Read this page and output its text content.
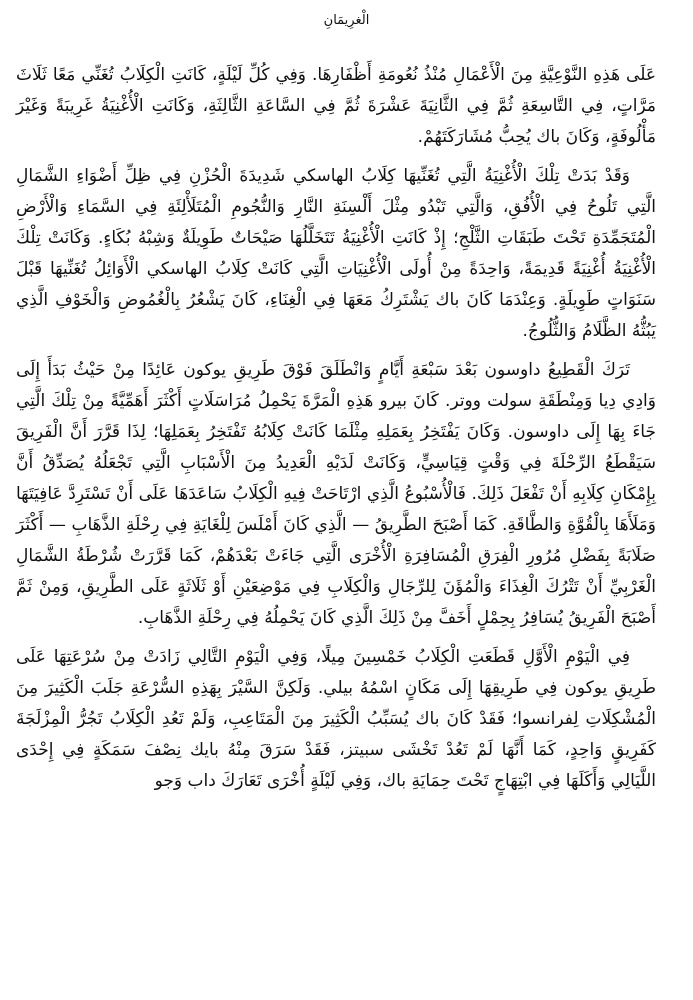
الْغرِيمَانِ

عَلَى هَذِهِ النَّوْعِيَّةِ مِنَ الْأَعْمَالِ مُنْذُ نُعُومَةِ أَظْفَارِهَا. وَفِي كُلِّ لَيْلَةٍ، كَانَتِ الْكِلَابُ تُغَنِّي مَعًا ثَلَاثَ مَرَّاتٍ، فِي التَّاسِعَةِ ثُمَّ فِي الثَّانِيَةَ عَشْرَةَ ثُمَّ فِي السَّاعَةِ الثَّالِثَةِ، وَكَانَتِ الْأُغْنِيَةُ غَرِيبَةً وَغَيْرَ مَأْلُوفَةٍ، وَكَانَ باك يُحِبُّ مُشَارَكَتَهُمْ.

وَقَدْ بَدَتْ تِلْكَ الْأُغْنِيَةُ الَّتِي تُغَنِّيهَا كِلَابُ الهاسكي شَدِيدَةَ الْحُزْنِ فِي ظِلِّ أَضْوَاءِ الشَّمَالِ الَّتِي تَلُوحُ فِي الْأُفُقِ، وَالَّتِي تَبْدُو مِثْلَ أَلْسِنَةِ النَّارِ وَالنُّجُومِ الْمُتَلَأْلِئَةِ فِي السَّمَاءِ وَالْأَرْضِ الْمُتَجَمِّدَةِ تَحْتَ طَبَقَاتِ الثَّلْجِ؛ إِذْ كَانَتِ الْأُغْنِيَةُ تَتَخَلَّلُهَا صَيْحَاتٌ طَوِيلَةٌ وَشِبْهُ بُكَاءٍ. وَكَانَتْ تِلْكَ الْأُغْنِيَةُ أُغْنِيَةً قَدِيمَةً، وَاحِدَةً مِنْ أُولَى الْأُغْنِيَاتِ الَّتِي كَانَتْ كِلَابُ الهاسكي الْأَوَائِلُ تُغَنِّيهَا قَبْلَ سَنَوَاتٍ طَوِيلَةٍ. وَعِنْدَمَا كَانَ باك يَشْتَرِكُ مَعَهَا فِي الْغِنَاءِ، كَانَ يَشْعُرُ بِالْغُمُوضِ وَالْخَوْفِ الَّذِي يَبُثُّهُ الظَّلَامُ وَالثُّلُوجُ.

تَرَكَ الْقَطِيعُ داوسون بَعْدَ سَبْعَةِ أَيَّامٍ وَانْطَلَقَ فَوْقَ طَرِيقِ يوكون عَائِدًا مِنْ حَيْثُ بَدَأَ إِلَى وَادِي دِيا وَمِنْطَقَةِ سولت ووتر. كَانَ بيرو هَذِهِ الْمَرَّةَ يَحْمِلُ مُرَاسَلَاتٍ أَكْثَرَ أَهَمِّيَّةً مِنْ تِلْكَ الَّتِي جَاءَ بِهَا إِلَى داوسون. وَكَانَ يَفْتَخِرُ بِعَمَلِهِ مِثْلَمَا كَانَتْ كِلَابُهُ تَفْتَخِرُ بِعَمَلِهَا؛ لِذَا قَرَّرَ أَنَّ الْفَرِيقَ سَيَقْطَعُ الرِّحْلَةَ فِي وَقْتٍ قِيَاسِيٍّ، وَكَانَتْ لَدَيْهِ الْعَدِيدُ مِنَ الْأَسْبَابِ الَّتِي تَجْعَلُهُ يُصَدِّقُ أَنَّ بِإِمْكَانِ كِلَابِهِ أَنْ تَفْعَلَ ذَلِكَ. فَالْأُسْبُوعُ الَّذِي ارْتَاحَتْ فِيهِ الْكِلَابُ سَاعَدَهَا عَلَى أَنْ تَسْتَرِدَّ عَافِيَتَهَا وَمَلَأَهَا بِالْقُوَّةِ وَالطَّاقَةِ. كَمَا أَصْبَحَ الطَّرِيقُ — الَّذِي كَانَ أَمْلَسَ لِلْغَايَةِ فِي رِحْلَةِ الذَّهَابِ — أَكْثَرَ صَلَابَةً بِفَضْلِ مُرُورِ الْفِرَقِ الْمُسَافِرَةِ الْأُخْرَى الَّتِي جَاءَتْ بَعْدَهُمْ، كَمَا قَرَّرَتْ شُرْطَةُ الشَّمَالِ الْغَرْبِيِّ أَنْ تَتْرُكَ الْغِذَاءَ وَالْمُؤَنَ لِلرِّجَالِ وَالْكِلَابِ فِي مَوْضِعَيْنِ أَوْ ثَلَاثَةٍ عَلَى الطَّرِيقِ، وَمِنْ ثَمَّ أَصْبَحَ الْفَرِيقُ يُسَافِرُ بِحِمْلٍ أَخَفَّ مِنْ ذَلِكَ الَّذِي كَانَ يَحْمِلُهُ فِي رِحْلَةِ الذَّهَابِ.

فِي الْيَوْمِ الْأَوَّلِ قَطَعَتِ الْكِلَابُ خَمْسِينَ مِيلًا، وَفِي الْيَوْمِ التَّالِي زَادَتْ مِنْ سُرْعَتِهَا عَلَى طَرِيقِ يوكون فِي طَرِيقِهَا إِلَى مَكَانٍ اسْمُهُ بيلي. وَلَكِنَّ السَّيْرَ بِهَذِهِ السُّرْعَةِ جَلَبَ الْكَثِيرَ مِنَ الْمُشْكِلَاتِ لِفرانسوا؛ فَقَدْ كَانَ باك يُسَبِّبُ الْكَثِيرَ مِنَ الْمَتَاعِبِ، وَلَمْ تَعُدِ الْكِلَابُ تَجُرُّ الْمِزْلَجَةَ كَفَرِيقٍ وَاحِدٍ، كَمَا أَنَّهَا لَمْ تَعُدْ تَخْشَى سبيتز، فَقَدْ سَرَقَ مِنْهُ بايك نِصْفَ سَمَكَةٍ فِي إِحْدَى اللَّيَالِي وَأَكَلَهَا فِي ابْتِهَاجٍ تَحْتَ حِمَايَةِ باك، وَفِي لَيْلَةٍ أُخْرَى تَعَارَكَ داب وَجو
